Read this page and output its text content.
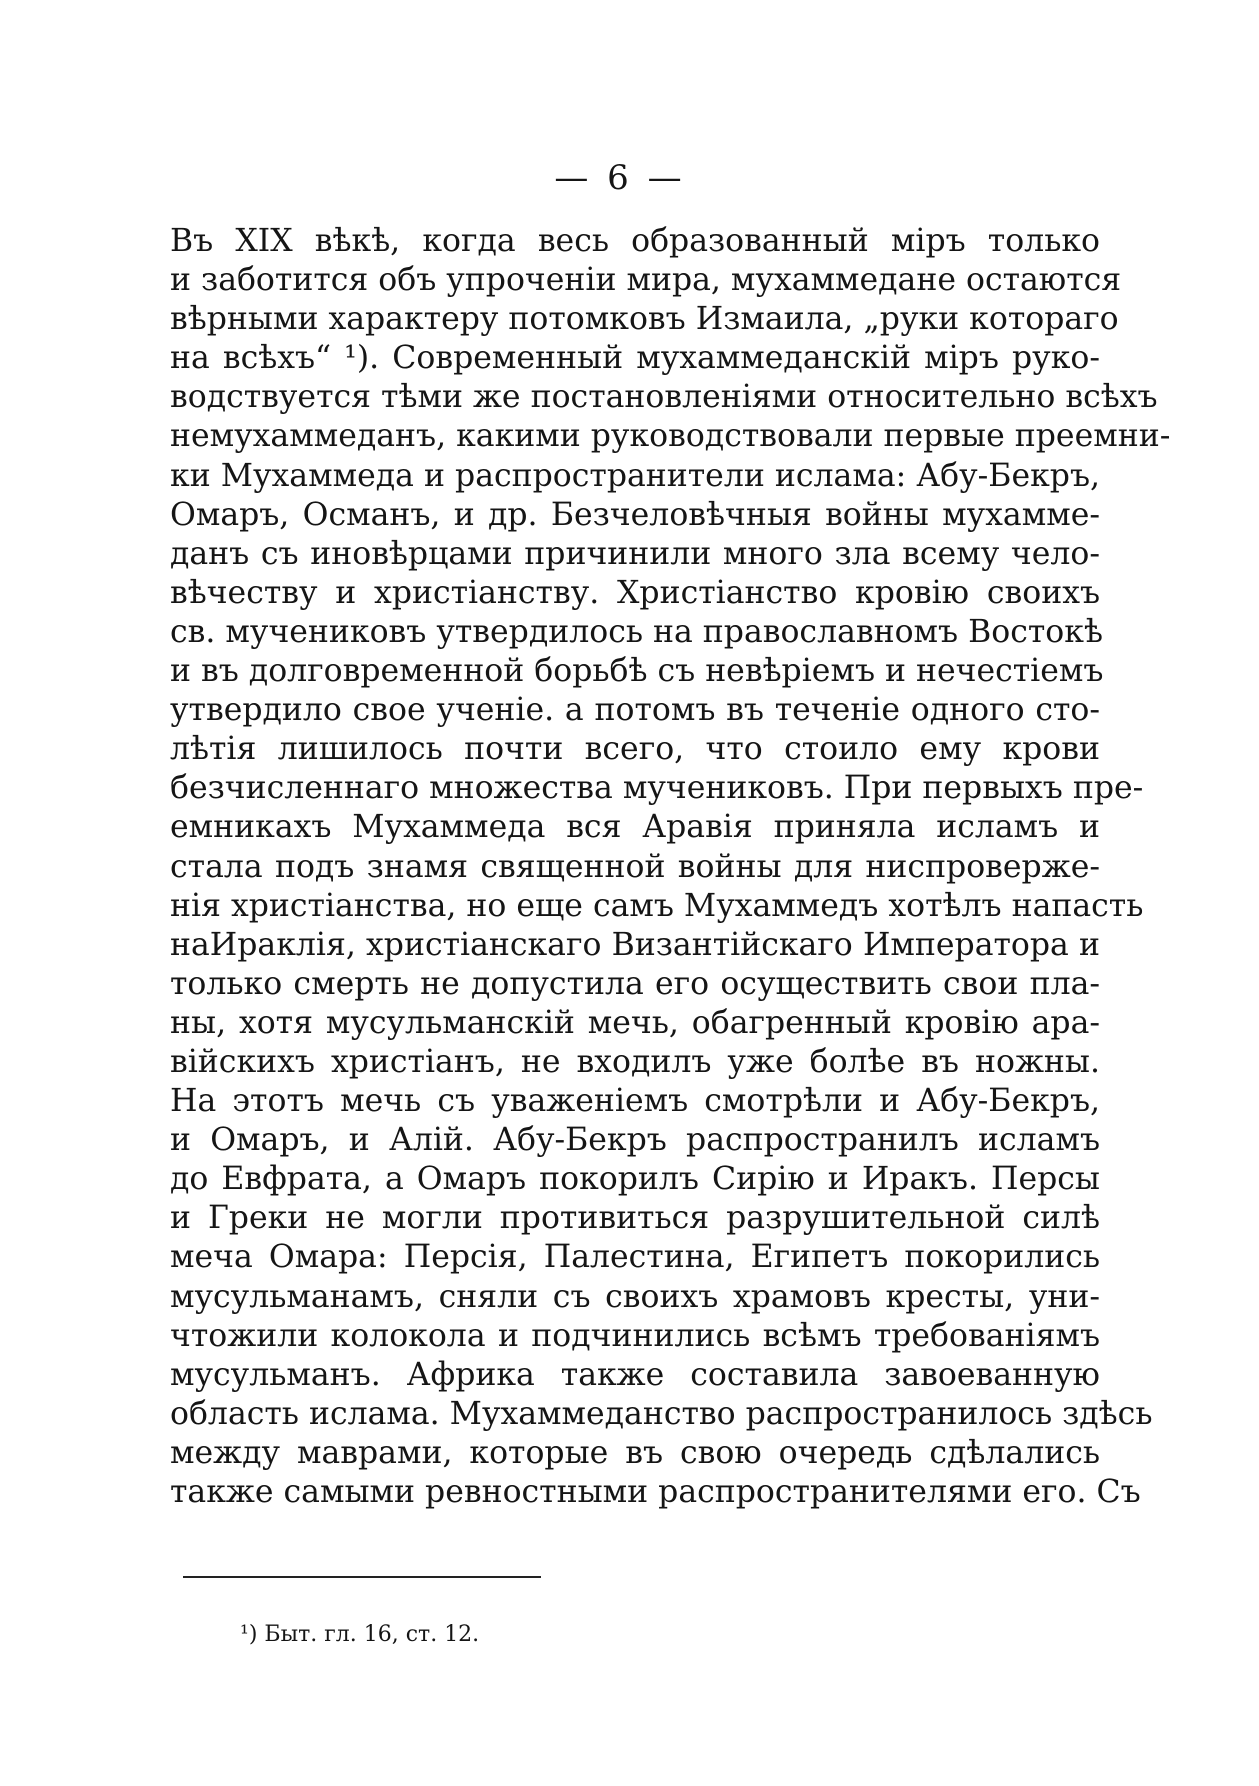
— 6 —
Въ XIX вѣкѣ, когда весь образованный міръ только
и заботится объ упроченіи мира, мухаммедане остаются
вѣрными характеру потомковъ Измаила, „руки котораго
на всѣхъ“ ¹). Современный мухаммеданскій міръ руко-
водствуется тѣми же постановленіями относительно всѣхъ
немухаммеданъ, какими руководствовали первые преемни-
ки Мухаммеда и распространители ислама: Абу-Бекръ,
Омаръ, Османъ, и др. Безчеловѣчныя войны мухамме-
данъ съ иновѣрцами причинили много зла всему чело-
вѣчеству и христіанству. Христіанство кровію своихъ
св. мучениковъ утвердилось на православномъ Востокѣ
и въ долговременной борьбѣ съ невѣріемъ и нечестіемъ
утвердило свое ученіе. а потомъ въ теченіе одного сто-
лѣтія лишилось почти всего, что стоило ему крови
безчисленнаго множества мучениковъ. При первыхъ пре-
емникахъ Мухаммеда вся Аравія приняла исламъ и
стала подъ знамя священной войны для ниспроверже-
нія христіанства, но еще самъ Мухаммедъ хотѣлъ напасть
наИраклія, христіанскаго Византійскаго Императора и
только смерть не допустила его осуществить свои пла-
ны, хотя мусульманскій мечь, обагренный кровію ара-
війскихъ христіанъ, не входилъ уже болѣе въ ножны.
На этотъ мечь съ уваженіемъ смотрѣли и Абу-Бекръ,
и Омаръ, и Алій. Абу-Бекръ распространилъ исламъ
до Евфрата, а Омаръ покорилъ Сирію и Иракъ. Персы
и Греки не могли противиться разрушительной силѣ
меча Омара: Персія, Палестина, Египетъ покорились
мусульманамъ, сняли съ своихъ храмовъ кресты, уни-
чтожили колокола и подчинились всѣмъ требованіямъ
мусульманъ. Африка также составила завоеванную
область ислама. Мухаммеданство распространилось здѣсь
между маврами, которые въ свою очередь сдѣлались
также самыми ревностными распространителями его. Съ
¹) Быт. гл. 16, ст. 12.
